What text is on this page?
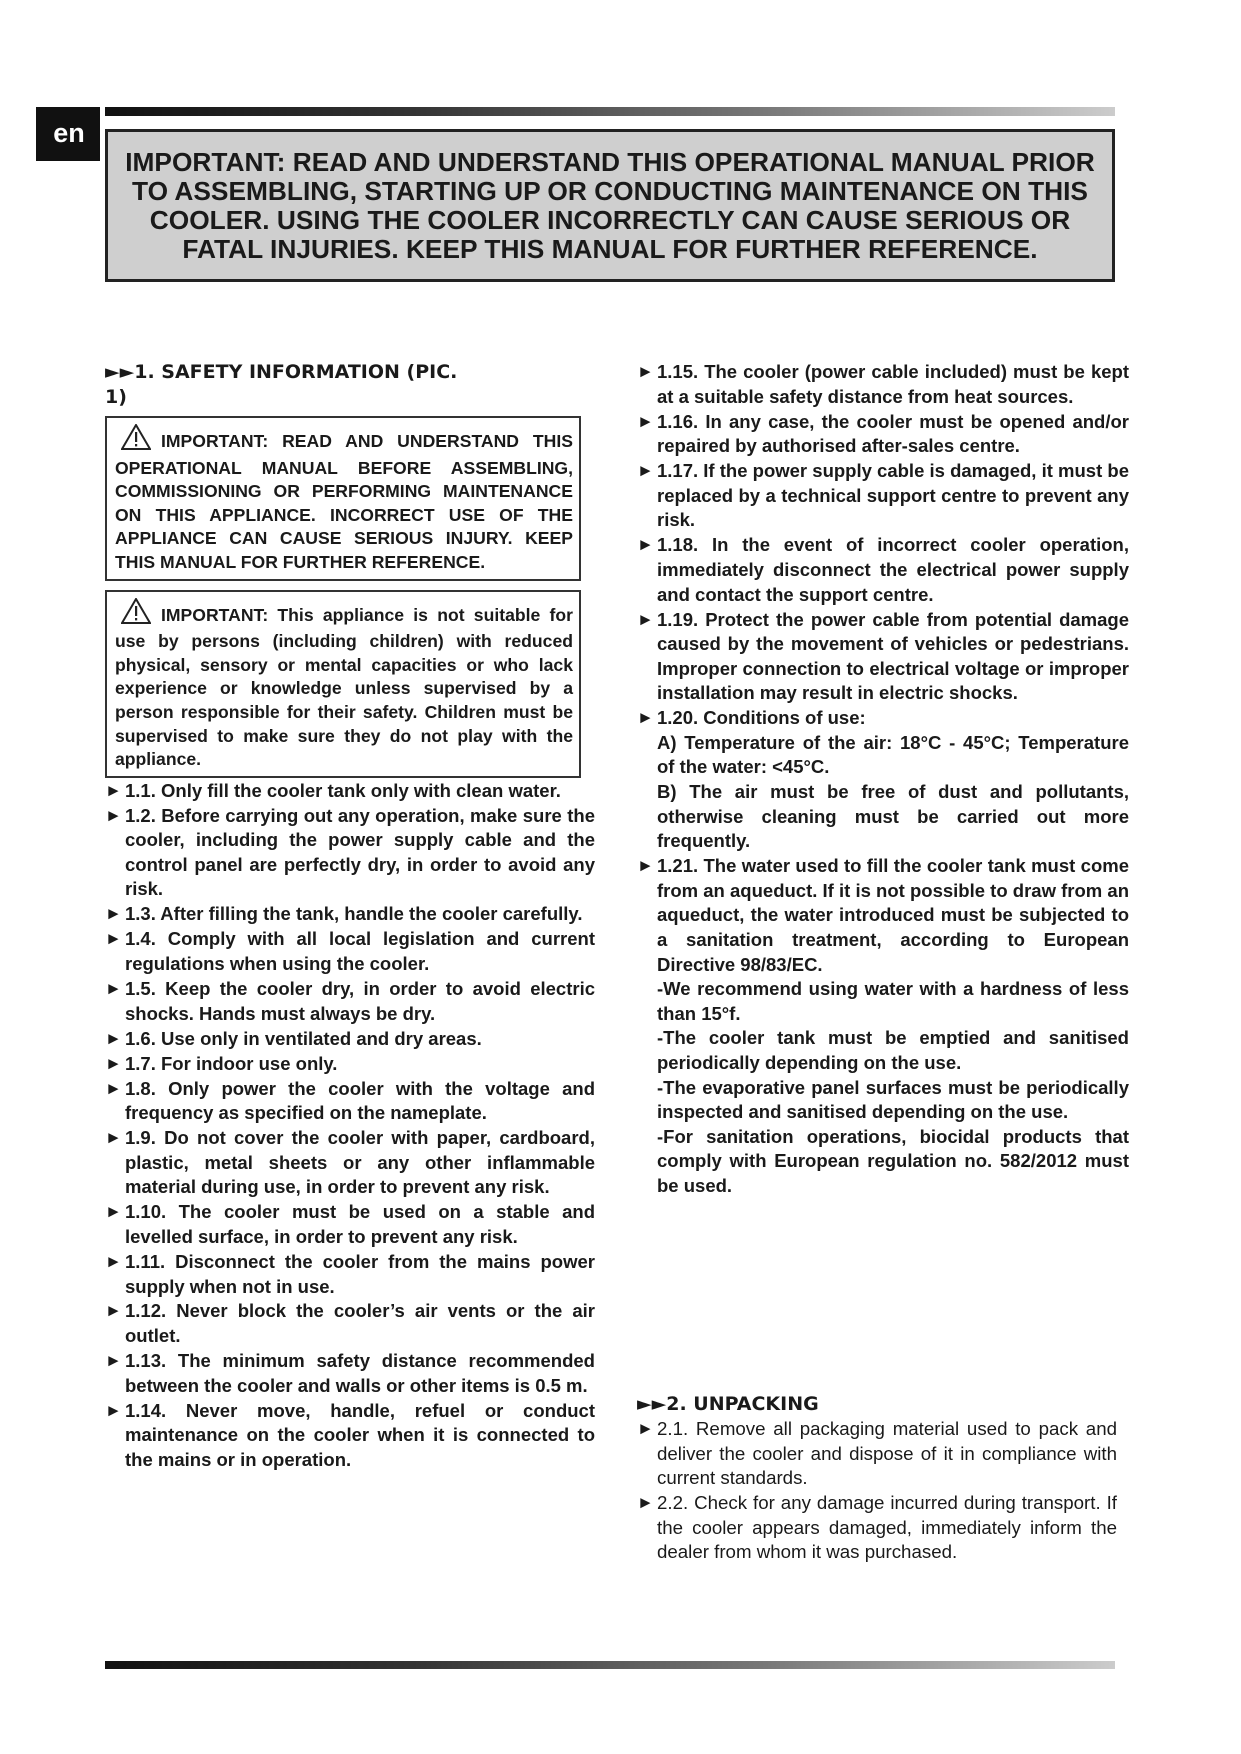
en

IMPORTANT: READ AND UNDERSTAND THIS OPERATIONAL MANUAL PRIOR TO ASSEMBLING, STARTING UP OR CONDUCTING MAINTENANCE ON THIS COOLER. USING THE COOLER INCORRECTLY CAN CAUSE SERIOUS OR FATAL INJURIES. KEEP THIS MANUAL FOR FURTHER REFERENCE.

►►1. SAFETY INFORMATION (PIC. 1)
IMPORTANT: READ AND UNDERSTAND THIS OPERATIONAL MANUAL BEFORE ASSEMBLING, COMMISSIONING OR PERFORMING MAINTENANCE ON THIS APPLIANCE. INCORRECT USE OF THE APPLIANCE CAN CAUSE SERIOUS INJURY. KEEP THIS MANUAL FOR FURTHER REFERENCE.
IMPORTANT: This appliance is not suitable for use by persons (including children) with reduced physical, sensory or mental capacities or who lack experience or knowledge unless supervised by a person responsible for their safety. Children must be supervised to make sure they do not play with the appliance.
► 1.1. Only fill the cooler tank only with clean water.
► 1.2. Before carrying out any operation, make sure the cooler, including the power supply cable and the control panel are perfectly dry, in order to avoid any risk.
► 1.3. After filling the tank, handle the cooler carefully.
► 1.4. Comply with all local legislation and current regulations when using the cooler.
► 1.5. Keep the cooler dry, in order to avoid electric shocks. Hands must always be dry.
► 1.6. Use only in ventilated and dry areas.
► 1.7. For indoor use only.
► 1.8. Only power the cooler with the voltage and frequency as specified on the nameplate.
► 1.9. Do not cover the cooler with paper, cardboard, plastic, metal sheets or any other inflammable material during use, in order to prevent any risk.
► 1.10. The cooler must be used on a stable and levelled surface, in order to prevent any risk.
► 1.11. Disconnect the cooler from the mains power supply when not in use.
► 1.12. Never block the cooler’s air vents or the air outlet.
► 1.13. The minimum safety distance recommended between the cooler and walls or other items is 0.5 m.
► 1.14. Never move, handle, refuel or conduct maintenance on the cooler when it is connected to the mains or in operation.
► 1.15. The cooler (power cable included) must be kept at a suitable safety distance from heat sources.
► 1.16. In any case, the cooler must be opened and/or repaired by authorised after-sales centre.
► 1.17. If the power supply cable is damaged, it must be replaced by a technical support centre to prevent any risk.
► 1.18. In the event of incorrect cooler operation, immediately disconnect the electrical power supply and contact the support centre.
► 1.19. Protect the power cable from potential damage caused by the movement of vehicles or pedestrians. Improper connection to electrical voltage or improper installation may result in electric shocks.
► 1.20. Conditions of use:
A) Temperature of the air: 18°C - 45°C; Temperature of the water: <45°C.
B) The air must be free of dust and pollutants, otherwise cleaning must be carried out more frequently.
► 1.21. The water used to fill the cooler tank must come from an aqueduct. If it is not possible to draw from an aqueduct, the water introduced must be subjected to a sanitation treatment, according to European Directive 98/83/EC.
-We recommend using water with a hardness of less than 15°f.
-The cooler tank must be emptied and sanitised periodically depending on the use.
-The evaporative panel surfaces must be periodically inspected and sanitised depending on the use.
-For sanitation operations, biocidal products that comply with European regulation no. 582/2012 must be used.
►►2. UNPACKING
► 2.1. Remove all packaging material used to pack and deliver the cooler and dispose of it in compliance with current standards.
► 2.2. Check for any damage incurred during transport. If the cooler appears damaged, immediately inform the dealer from whom it was purchased.
